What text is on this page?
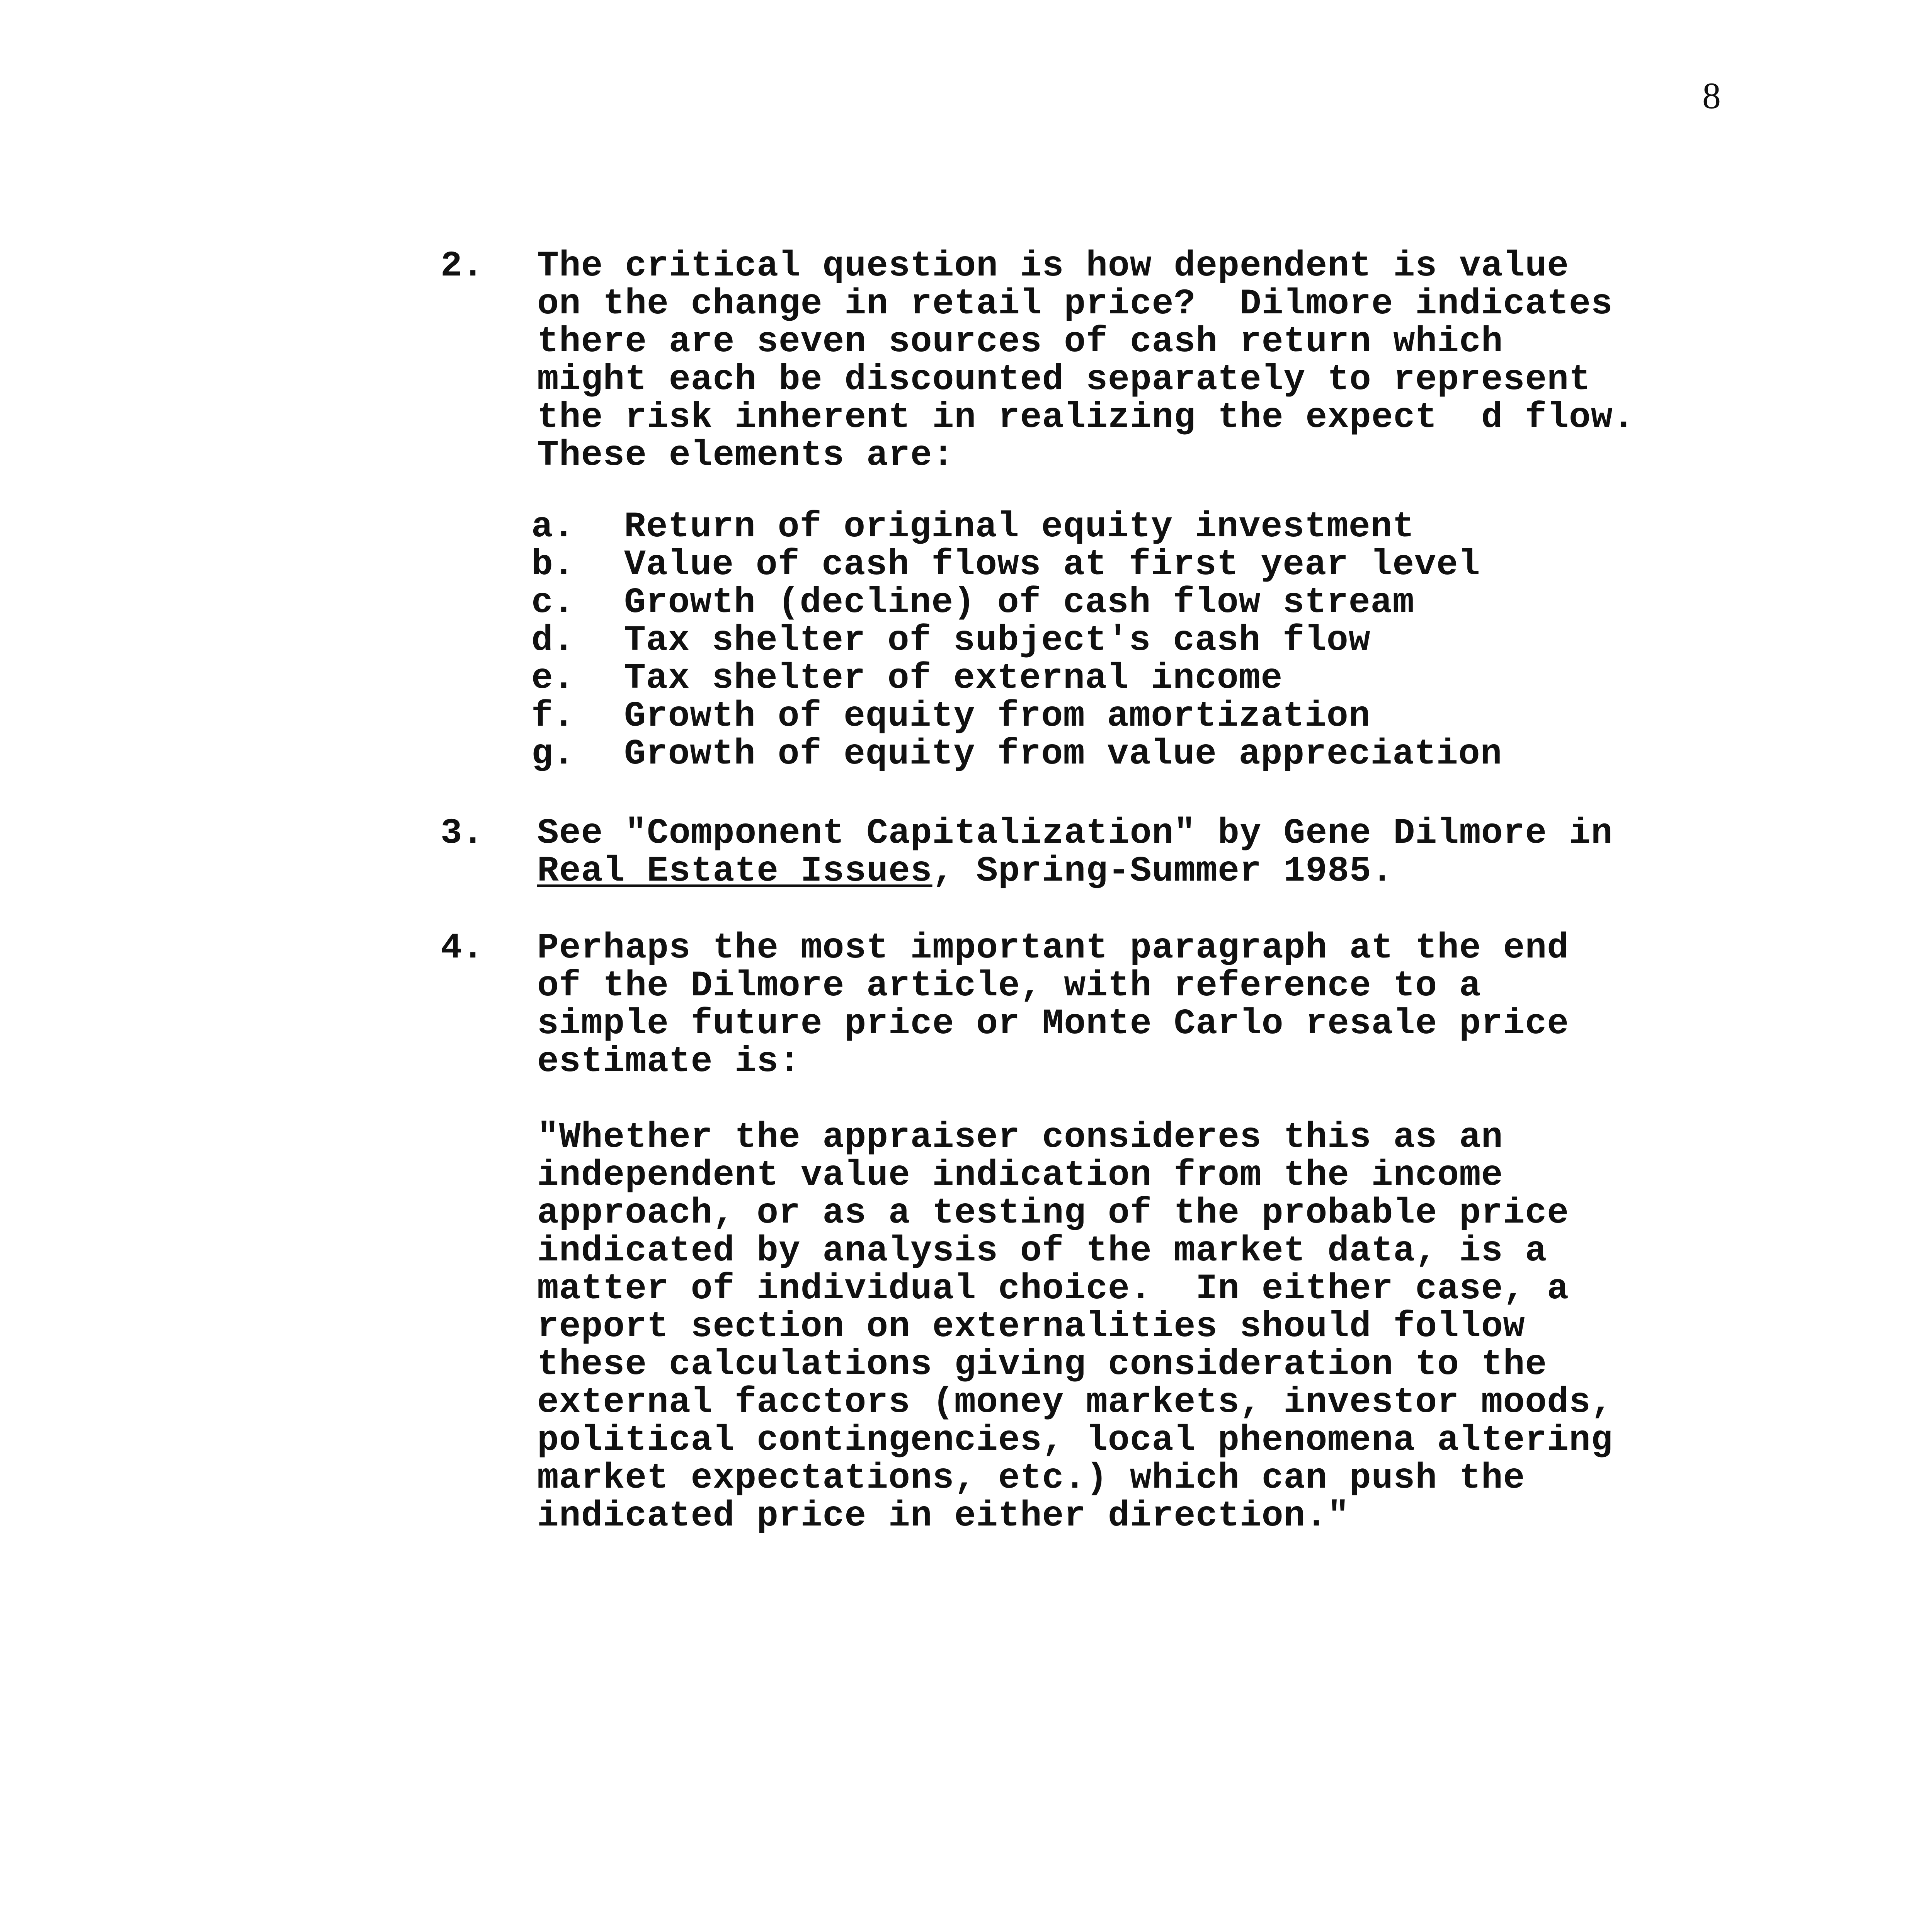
8
2. The critical question is how dependent is value
on the change in retail price?  Dilmore indicates
there are seven sources of cash return which
might each be discounted separately to represent
the risk inherent in realizing the expect  d flow.
These elements are:
a. Return of original equity investment
b. Value of cash flows at first year level
c. Growth (decline) of cash flow stream
d. Tax shelter of subject's cash flow
e. Tax shelter of external income
f. Growth of equity from amortization
g. Growth of equity from value appreciation
3. See "Component Capitalization" by Gene Dilmore in
Real Estate Issues, Spring-Summer 1985.
4. Perhaps the most important paragraph at the end
of the Dilmore article, with reference to a
simple future price or Monte Carlo resale price
estimate is:
"Whether the appraiser consideres this as an
independent value indication from the income
approach, or as a testing of the probable price
indicated by analysis of the market data, is a
matter of individual choice.  In either case, a
report section on externalities should follow
these calculations giving consideration to the
external facctors (money markets, investor moods,
political contingencies, local phenomena altering
market expectations, etc.) which can push the
indicated price in either direction."
